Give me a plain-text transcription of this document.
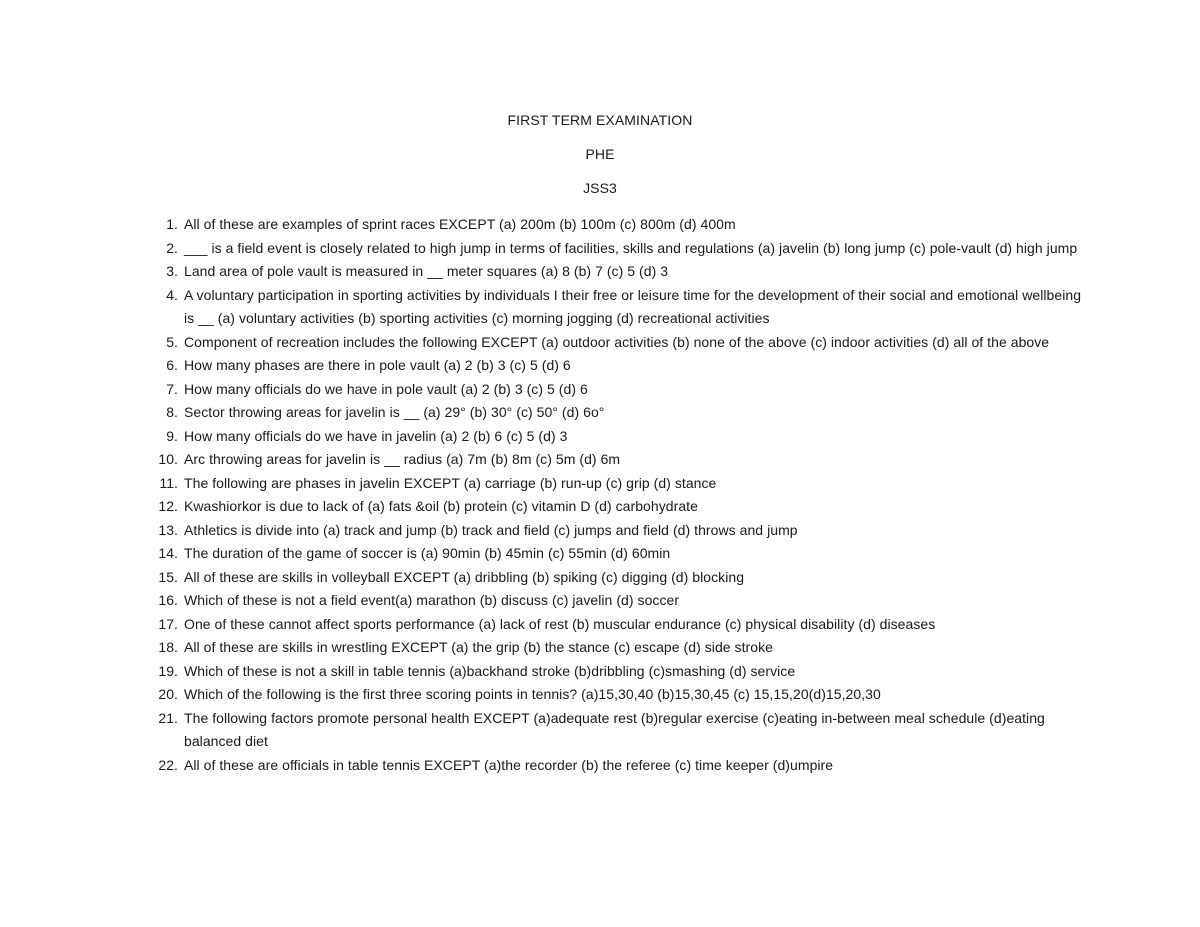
FIRST TERM EXAMINATION
PHE
JSS3
1. All of these are examples of sprint races EXCEPT (a) 200m (b) 100m (c) 800m (d) 400m
2. ___ is a field event is closely related to high jump in terms of facilities, skills and regulations (a) javelin (b) long jump (c) pole-vault (d) high jump
3. Land area of pole vault is measured in __ meter squares (a) 8 (b) 7 (c) 5 (d) 3
4. A voluntary participation in sporting activities by individuals I their free or leisure time for the development of their social and emotional wellbeing is __ (a) voluntary activities (b) sporting activities (c) morning jogging (d) recreational activities
5. Component of recreation includes the following EXCEPT (a) outdoor activities (b) none of the above (c) indoor activities (d) all of the above
6. How many phases are there in pole vault (a) 2 (b) 3 (c) 5 (d) 6
7. How many officials do we have in pole vault (a) 2 (b) 3 (c) 5 (d) 6
8. Sector throwing areas for javelin is __ (a) 29° (b) 30° (c) 50° (d) 6o°
9. How many officials do we have in javelin (a) 2 (b) 6 (c) 5 (d) 3
10. Arc throwing areas for javelin is __ radius (a) 7m (b) 8m (c) 5m (d) 6m
11. The following are phases in javelin EXCEPT (a) carriage (b) run-up (c) grip (d) stance
12. Kwashiorkor is due to lack of (a) fats &oil (b) protein (c) vitamin D (d) carbohydrate
13. Athletics is divide into (a) track and jump (b) track and field (c) jumps and field (d) throws and jump
14. The duration of the game of soccer is (a) 90min (b) 45min (c) 55min (d) 60min
15. All of these are skills in volleyball EXCEPT (a) dribbling (b) spiking (c) digging (d) blocking
16. Which of these is not a field event(a) marathon (b) discuss (c) javelin (d) soccer
17. One of these cannot affect sports performance (a) lack of rest (b) muscular endurance (c) physical disability (d) diseases
18. All of these are skills in wrestling EXCEPT (a) the grip (b) the stance (c) escape (d) side stroke
19. Which of these is not a skill in table tennis (a)backhand stroke (b)dribbling (c)smashing (d) service
20. Which of the following is the first three scoring points in tennis? (a)15,30,40 (b)15,30,45 (c) 15,15,20(d)15,20,30
21. The following factors promote personal health EXCEPT (a)adequate rest (b)regular exercise (c)eating in-between meal schedule (d)eating balanced diet
22. All of these are officials in table tennis EXCEPT (a)the recorder (b) the referee (c) time keeper (d)umpire
